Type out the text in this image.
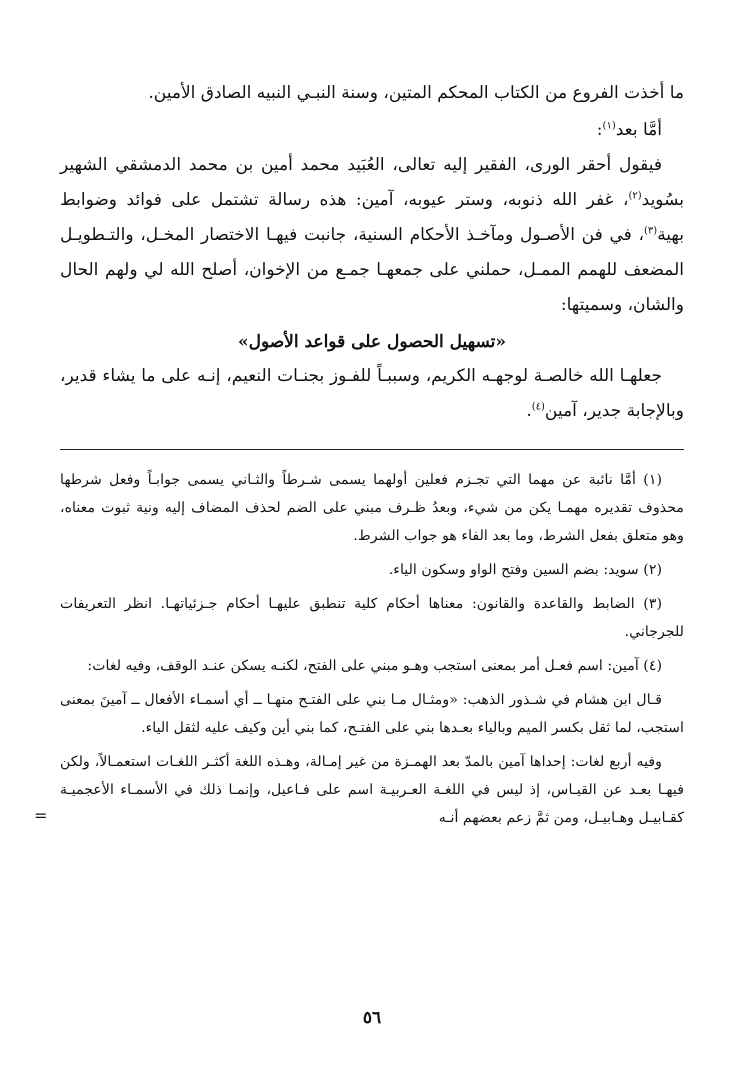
ما أخذت الفروع من الكتاب المحكم المتين، وسنة النبـي النبيه الصادق الأمين.

أمَّا بعد$^{(١)}$:

فيقول أحقر الورى، الفقير إليه تعالى، العُبَيد محمد أمين بن محمد الدمشقي الشهير بسُويد$^{(٢)}$، غفر الله ذنوبه، وستر عيوبه، آمين: هذه رسالة تشتمل على فوائد وضوابط بهية$^{(٣)}$، في فن الأصـول ومآخـذ الأحكام السنية، جانبت فيهـا الاختصار المخـل، والتـطويـل المضعف للهمم الممـل، حملني على جمعهـا جمـع من الإخوان، أصلح الله لي ولهم الحال والشان، وسميتها:

«تسهيل الحصول على قواعد الأصول»

جعلهـا الله خالصـة لوجهـه الكريم، وسببـاً للفـوز بجنـات النعيم، إنـه على ما يشاء قدير، وبالإجابة جدير، آمين$^{(٤)}$.

(١) أمَّا نائبة عن مهما التي تجـزم فعلين أولهما يسمى شـرطاً والثـاني يسمى جوابـاً وفعل شرطها محذوف تقديره مهمـا يكن من شيء، وبعدُ ظـرف مبني على الضم لحذف المضاف إليه ونية ثبوت معناه، وهو متعلق بفعل الشرط، وما بعد الفاء هو جواب الشرط.

(٢) سويد: بضم السين وفتح الواو وسكون الياء.

(٣) الضابط والقاعدة والقانون: معناها أحكام كلية تنطبق عليهـا أحكام جـزئياتهـا. انظر التعريفات للجرجاني.

(٤) آمين: اسم فعـل أمر بمعنى استجب وهـو مبني على الفتح، لكنـه يسكن عنـد الوقف، وفيه لغات:

قـال ابن هشام في شـذور الذهب: «ومثـال مـا بني على الفتـح منهـا ــ أي أسمـاء الأفعال ــ آمينَ بمعنى استجب، لما ثقل بكسر الميم وبالياء بعـدها بني على الفتـح، كما بني أين وكيف عليه لثقل الياء.

وفيه أربع لغات: إحداها آمين بالمدّ بعد الهمـزة من غير إمـالة، وهـذه اللغة أكثـر اللغـات استعمـالاً، ولكن فيهـا بعـد عن القيـاس، إذ ليس في اللغـة العـربيـة اسم على فـاعيل، وإنمـا ذلك في الأسمـاء الأعجميـة كقـابيـل وهـابيـل، ومن ثمَّ زعم بعضهم أنـه
=

٥٦
